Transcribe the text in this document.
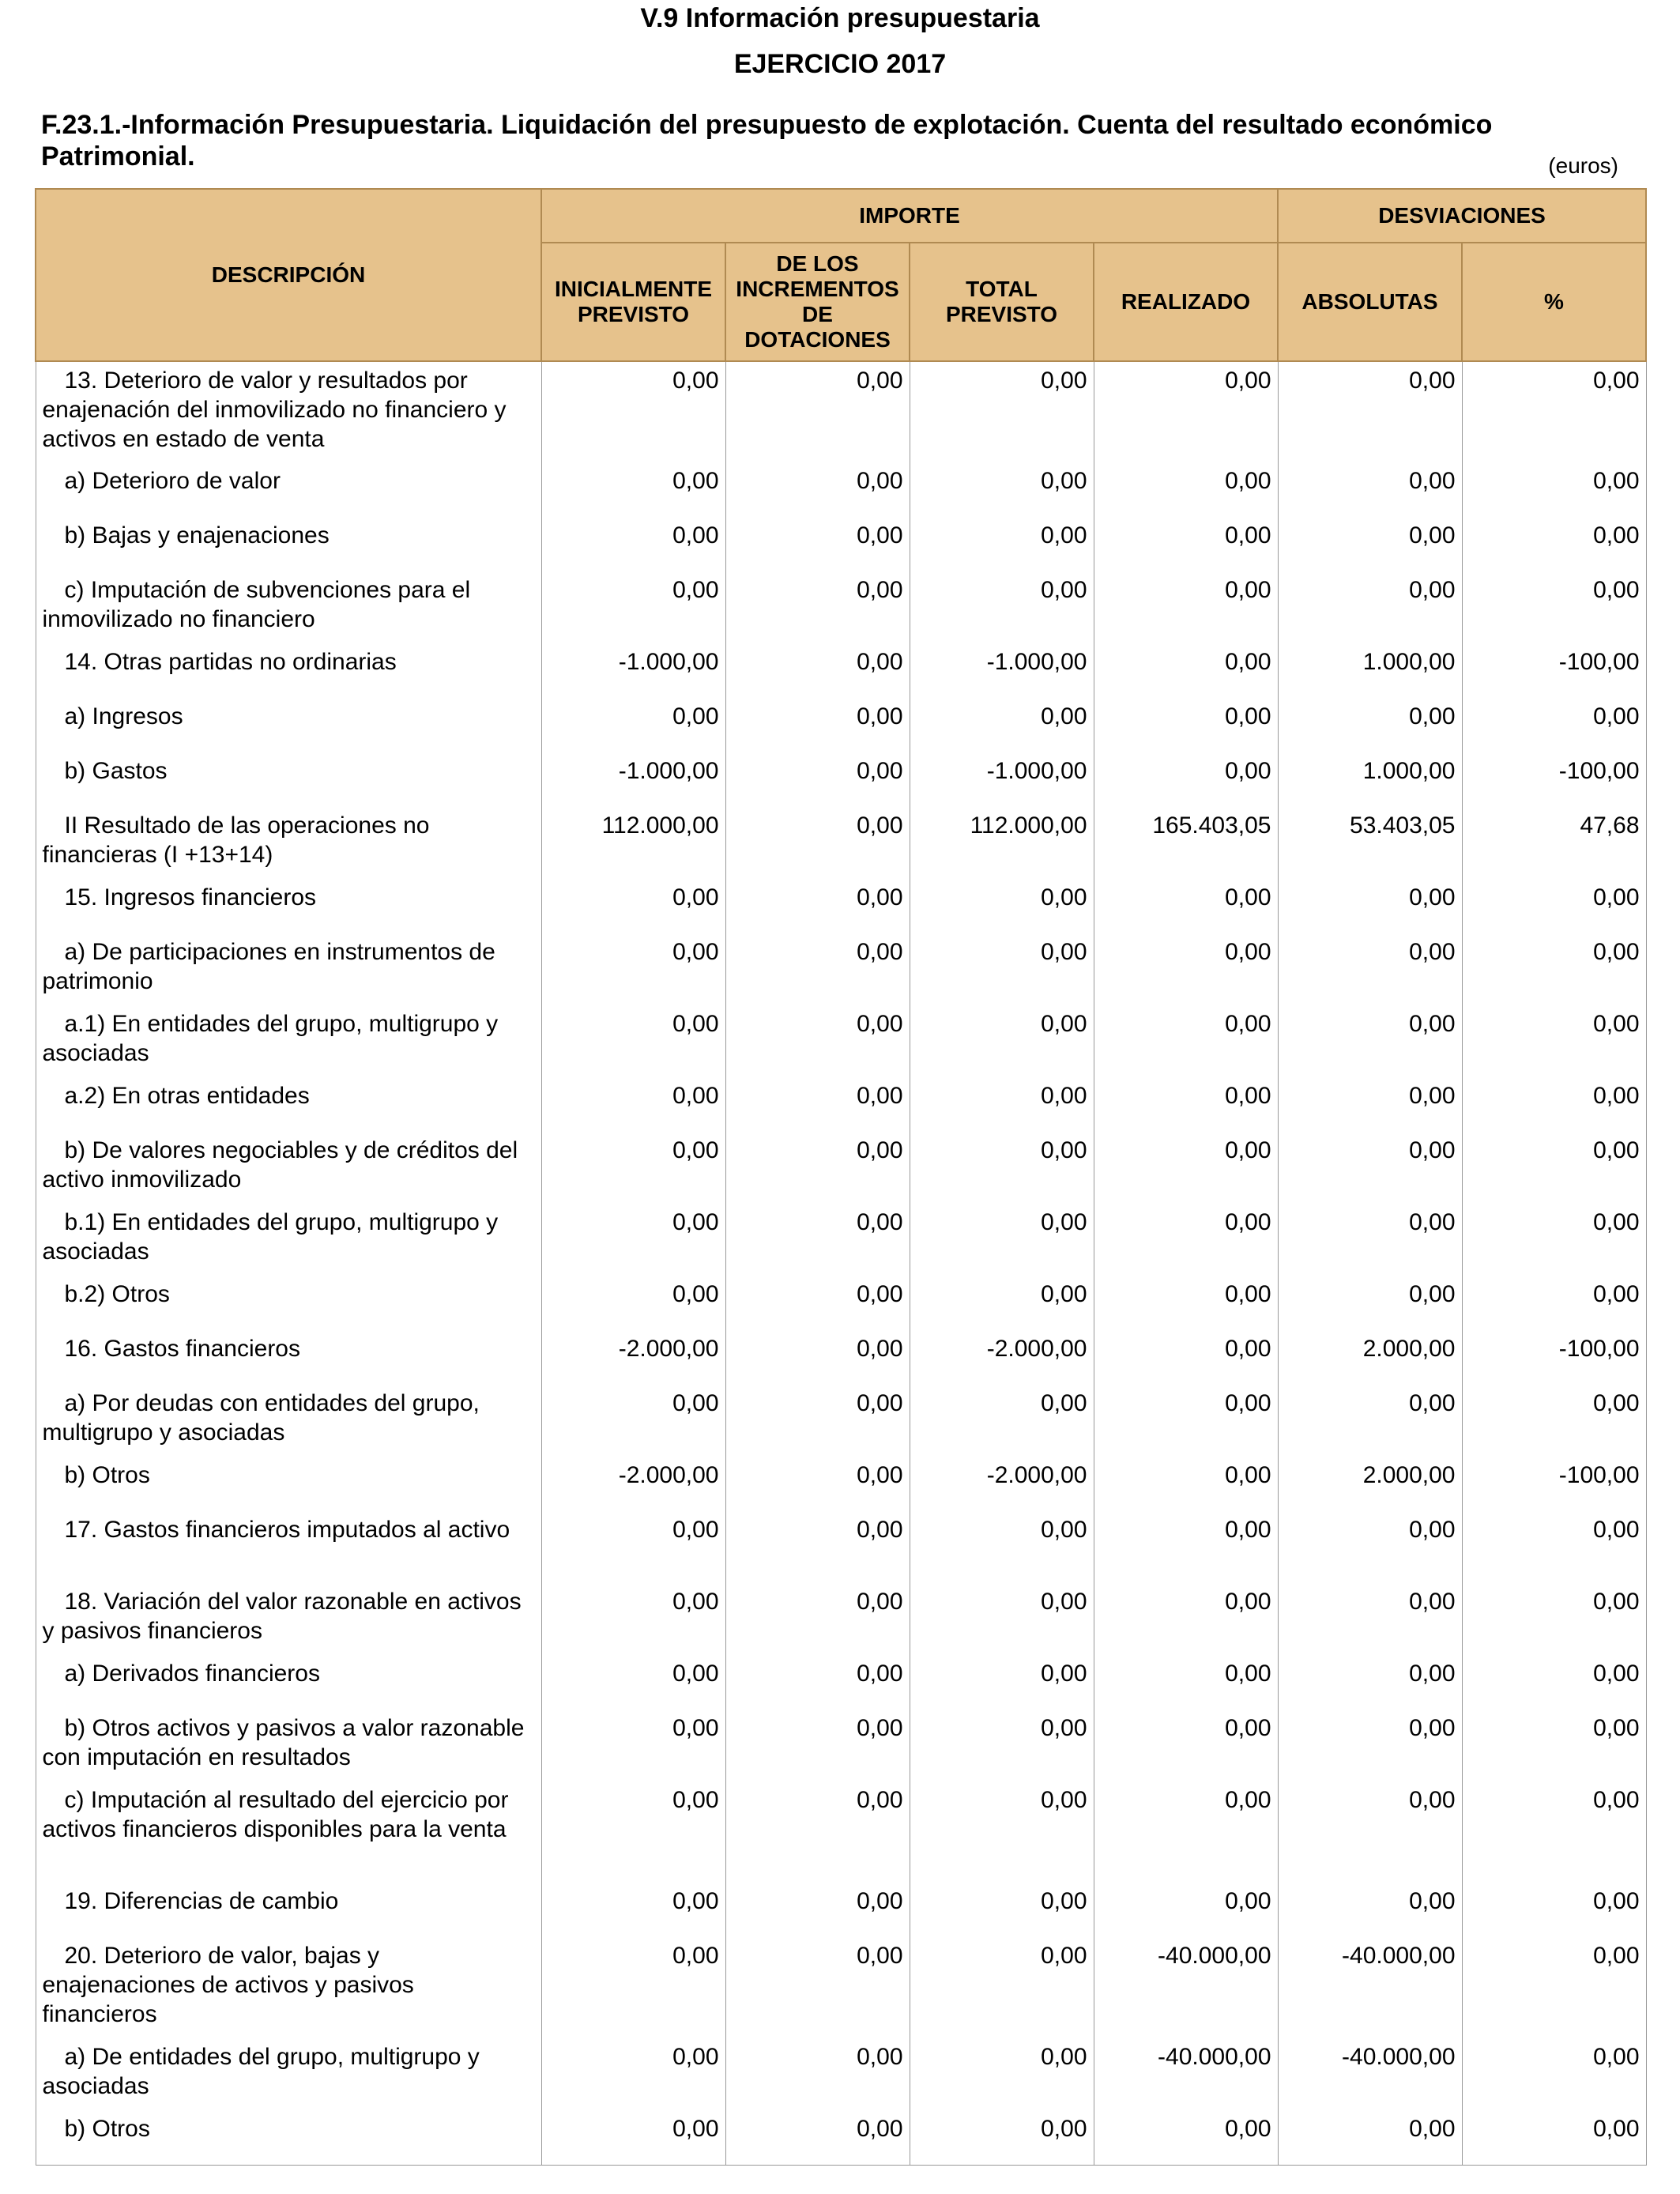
V.9 Información presupuestaria
EJERCICIO 2017
F.23.1.-Información Presupuestaria. Liquidación del presupuesto de explotación. Cuenta del resultado económico Patrimonial.	(euros)
DESCRIPCIÓN	IMPORTE				DESVIACIONES	
	INICIALMENTE PREVISTO	DE LOS INCREMENTOS DE DOTACIONES	TOTAL PREVISTO	REALIZADO	ABSOLUTAS	%

13. Deterioro de valor y resultados por enajenación del inmovilizado no financiero y activos en estado de venta	0,00	0,00	0,00	0,00	0,00	0,00

a) Deterioro de valor	0,00	0,00	0,00	0,00	0,00	0,00

b) Bajas y enajenaciones	0,00	0,00	0,00	0,00	0,00	0,00

c) Imputación de subvenciones para el inmovilizado no financiero	0,00	0,00	0,00	0,00	0,00	0,00

14. Otras partidas no ordinarias	-1.000,00	0,00	-1.000,00	0,00	1.000,00	-100,00

a) Ingresos	0,00	0,00	0,00	0,00	0,00	0,00

b) Gastos	-1.000,00	0,00	-1.000,00	0,00	1.000,00	-100,00

II Resultado de las operaciones no financieras (I +13+14)	112.000,00	0,00	112.000,00	165.403,05	53.403,05	47,68

15. Ingresos financieros	0,00	0,00	0,00	0,00	0,00	0,00

a) De participaciones en instrumentos de patrimonio	0,00	0,00	0,00	0,00	0,00	0,00

a.1) En entidades del grupo, multigrupo y asociadas	0,00	0,00	0,00	0,00	0,00	0,00

a.2) En otras entidades	0,00	0,00	0,00	0,00	0,00	0,00

b) De valores negociables y de créditos del activo inmovilizado	0,00	0,00	0,00	0,00	0,00	0,00

b.1) En entidades del grupo, multigrupo y asociadas	0,00	0,00	0,00	0,00	0,00	0,00

b.2) Otros	0,00	0,00	0,00	0,00	0,00	0,00

16. Gastos financieros	-2.000,00	0,00	-2.000,00	0,00	2.000,00	-100,00

a) Por deudas con entidades del grupo, multigrupo y asociadas	0,00	0,00	0,00	0,00	0,00	0,00

b) Otros	-2.000,00	0,00	-2.000,00	0,00	2.000,00	-100,00

17. Gastos financieros imputados al activo	0,00	0,00	0,00	0,00	0,00	0,00

18. Variación del valor razonable en activos y pasivos financieros	0,00	0,00	0,00	0,00	0,00	0,00

a) Derivados financieros	0,00	0,00	0,00	0,00	0,00	0,00

b) Otros activos y pasivos a valor razonable con imputación en resultados	0,00	0,00	0,00	0,00	0,00	0,00

c) Imputación al resultado del ejercicio por activos financieros disponibles para la venta	0,00	0,00	0,00	0,00	0,00	0,00

19. Diferencias de cambio	0,00	0,00	0,00	0,00	0,00	0,00

20. Deterioro de valor, bajas y enajenaciones de activos y pasivos financieros	0,00	0,00	0,00	-40.000,00	-40.000,00	0,00

a) De entidades del grupo, multigrupo y asociadas	0,00	0,00	0,00	-40.000,00	-40.000,00	0,00

b) Otros	0,00	0,00	0,00	0,00	0,00	0,00
